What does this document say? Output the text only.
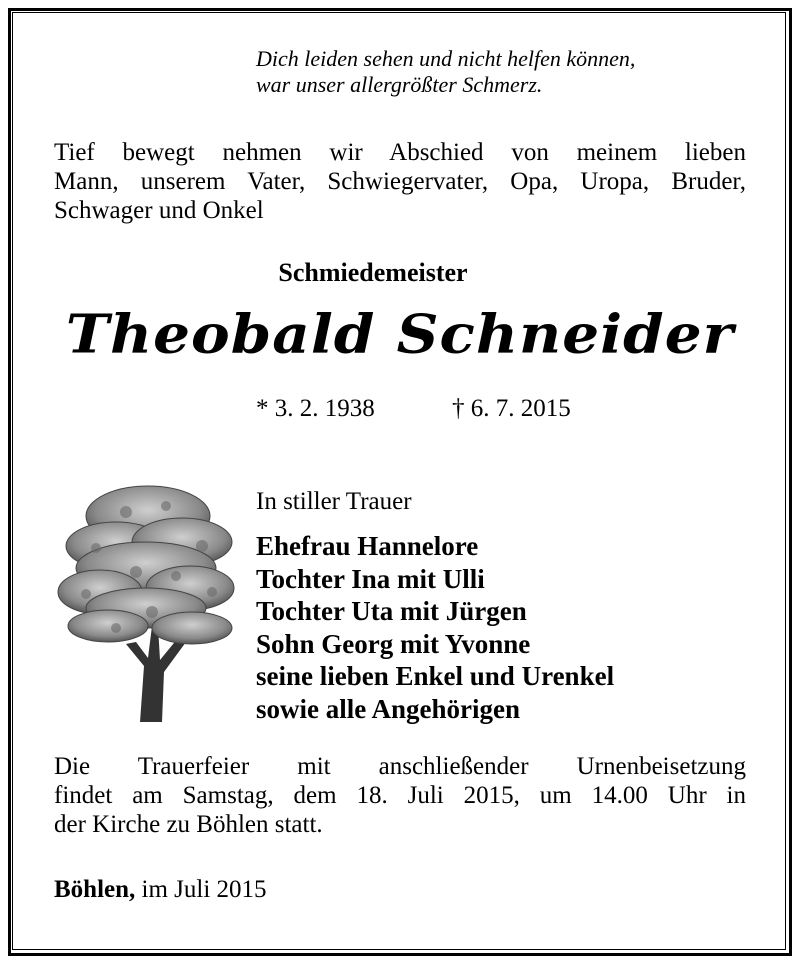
Dich leiden sehen und nicht helfen können,
war unser allergrößter Schmerz.
Tief bewegt nehmen wir Abschied von meinem lieben
Mann, unserem Vater, Schwiegervater, Opa, Uropa, Bruder,
Schwager und Onkel
Schmiedemeister
Theobald Schneider
* 3. 2. 1938	† 6. 7. 2015
In stiller Trauer
Ehefrau Hannelore
Tochter Ina mit Ulli
Tochter Uta mit Jürgen
Sohn Georg mit Yvonne
seine lieben Enkel und Urenkel
sowie alle Angehörigen
Die Trauerfeier mit anschließender Urnenbeisetzung
findet am Samstag, dem 18. Juli 2015, um 14.00 Uhr in
der Kirche zu Böhlen statt.
Böhlen, im Juli 2015
